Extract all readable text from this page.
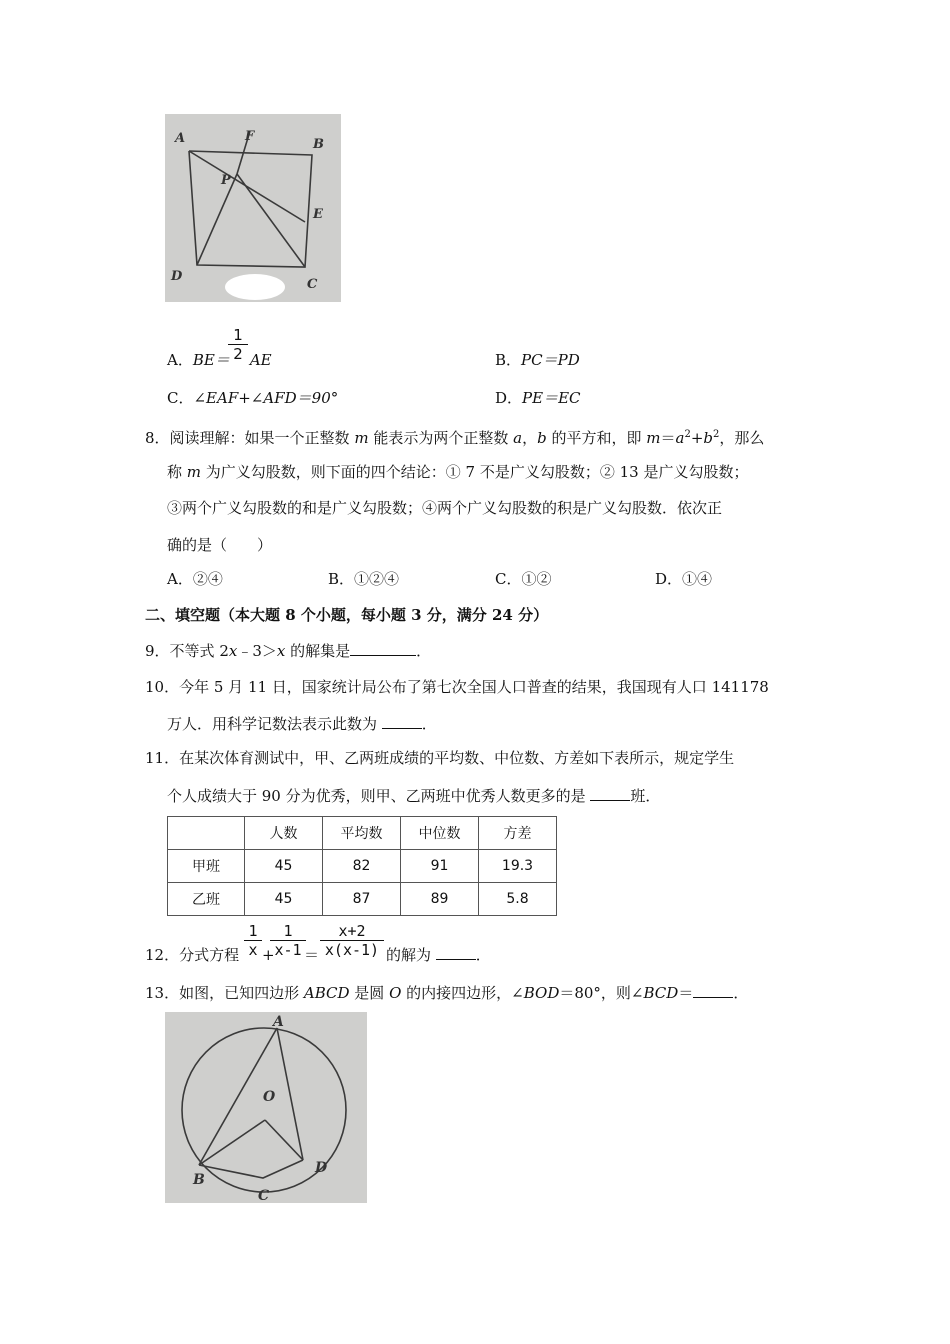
A	F
B
P
E
D
C
A．BE＝ AE
$\frac{1}{2}$	B．PC＝PD
C．∠EAF+∠AFD＝90°	D．PE＝EC
8．阅读理解：如果一个正整数 m 能表示为两个正整数 a，b 的平方和，即 $m=a^2+b^2$，那么
称 m 为广义勾股数，则下面的四个结论：① 7 不是广义勾股数；② 13 是广义勾股数；
③两个广义勾股数的和是广义勾股数；④两个广义勾股数的积是广义勾股数．依次正
确的是（　　）
A．②④	B．①②④	C．①②	D．①④
二、填空题（本大题 8 个小题，每小题 3 分，满分 24 分）
9．不等式 2x﹣3＞x 的解集是	．
10．今年 5 月 11 日，国家统计局公布了第七次全国人口普查的结果，我国现有人口 141178
万人．用科学记数法表示此数为	．
11．在某次体育测试中，甲、乙两班成绩的平均数、中位数、方差如下表所示，规定学生
个人成绩大于 90 分为优秀，则甲、乙两班中优秀人数更多的是	班．
	人数	平均数	中位数	方差
甲班	45	82	91	19.3
乙班	45	87	89	5.8
12．分式方程 $\frac{1}{x}$ +
$\frac{1}{x-1}$
＝ $\frac{x+2}{x(x-1)}$ 的解为	．
13．如图，已知四边形 ABCD 是圆 O 的内接四边形，∠BOD＝80°，则∠BCD＝	．
A
O
B
D
C
